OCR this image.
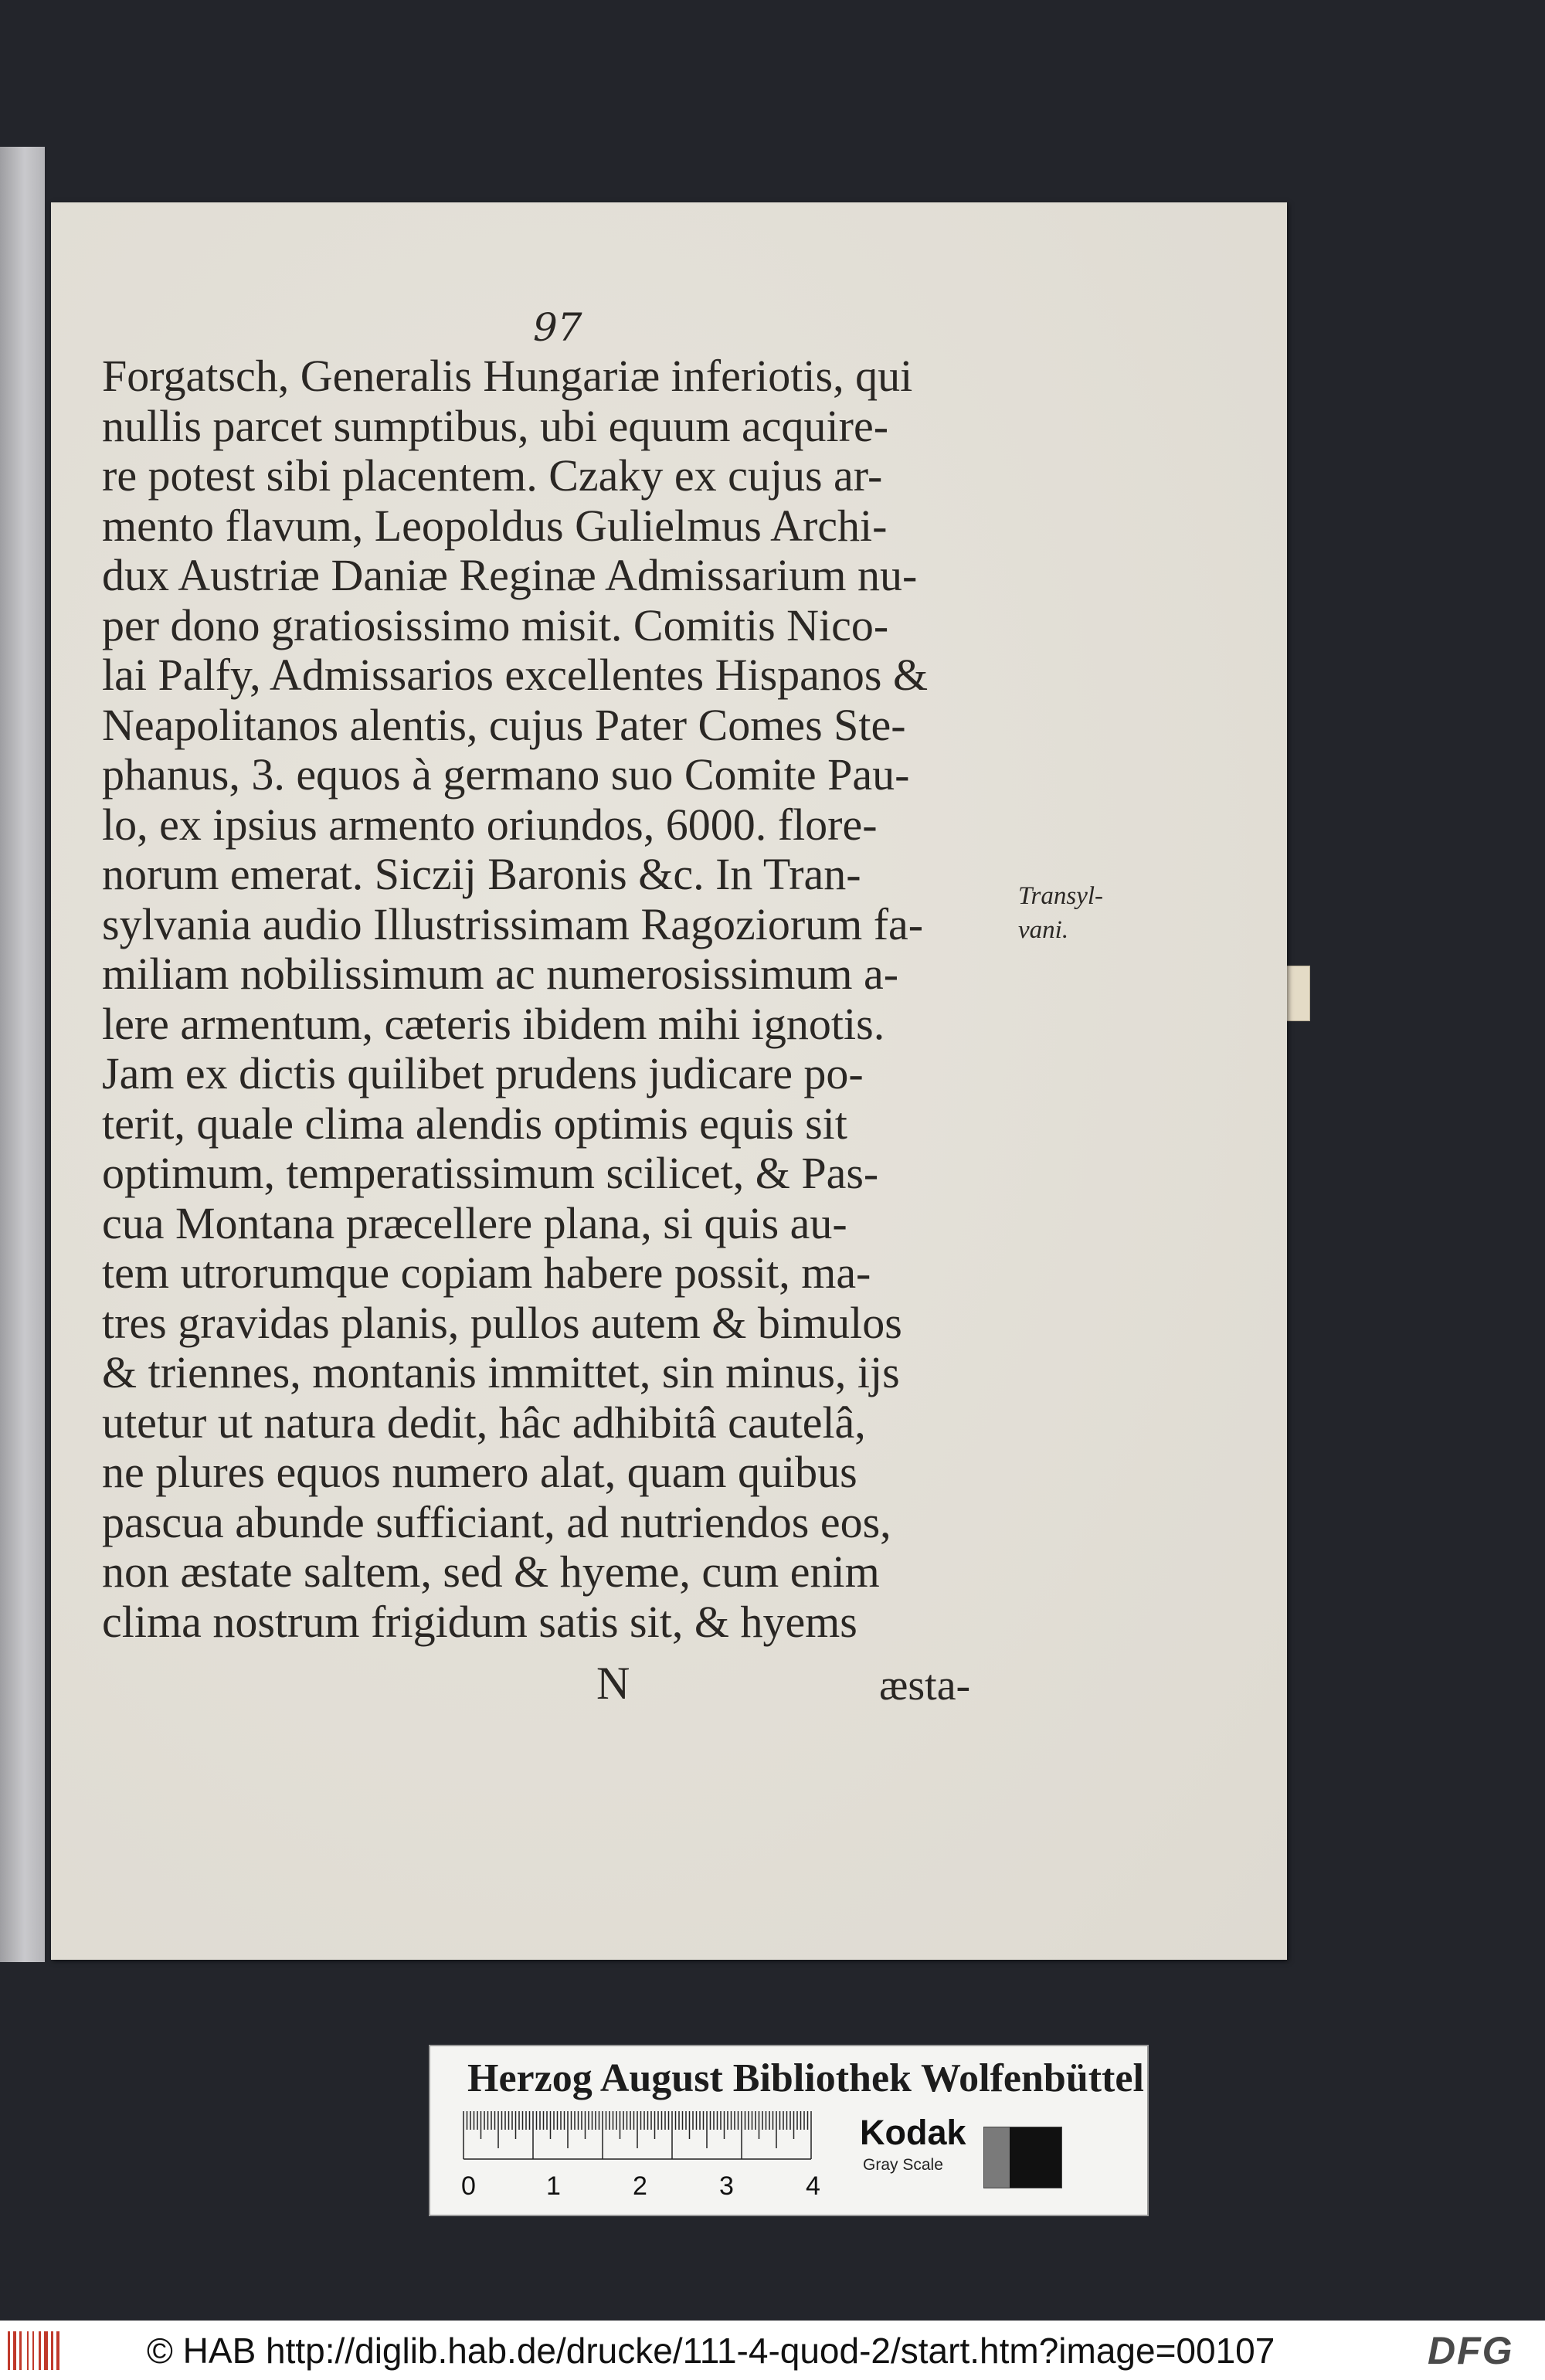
97
Forgatsch, Generalis Hungariæ inferiotis, qui
nullis parcet sumptibus, ubi equum acquire-
re potest sibi placentem. Czaky ex cujus ar-
mento flavum, Leopoldus Gulielmus Archi-
dux Austriæ Daniæ Reginæ Admissarium nu-
per dono gratiosissimo misit. Comitis Nico-
lai Palfy, Admissarios excellentes Hispanos &
Neapolitanos alentis, cujus Pater Comes Ste-
phanus, 3. equos à germano suo Comite Pau-
lo, ex ipsius armento oriundos, 6000. flore-
norum emerat. Siczij Baronis &c. In Tran-
sylvania audio Illustrissimam Ragoziorum fa-
miliam nobilissimum ac numerosissimum a-
lere armentum, cæteris ibidem mihi ignotis.
Jam ex dictis quilibet prudens judicare po-
terit, quale clima alendis optimis equis sit
optimum, temperatissimum scilicet, & Pas-
cua Montana præcellere plana, si quis au-
tem utrorumque copiam habere possit, ma-
tres gravidas planis, pullos autem & bimulos
& triennes, montanis immittet, sin minus, ijs
utetur ut natura dedit, hâc adhibitâ cautelâ,
ne plures equos numero alat, quam quibus
pascua abunde sufficiant, ad nutriendos eos,
non æstate saltem, sed & hyeme, cum enim
clima nostrum frigidum satis sit, & hyems
Transyl-
vani.
N	æsta-
Herzog August Bibliothek Wolfenbüttel
0	1	2	3	4
Kodak
Gray Scale
© HAB http://diglib.hab.de/drucke/111-4-quod-2/start.htm?image=00107	DFG
